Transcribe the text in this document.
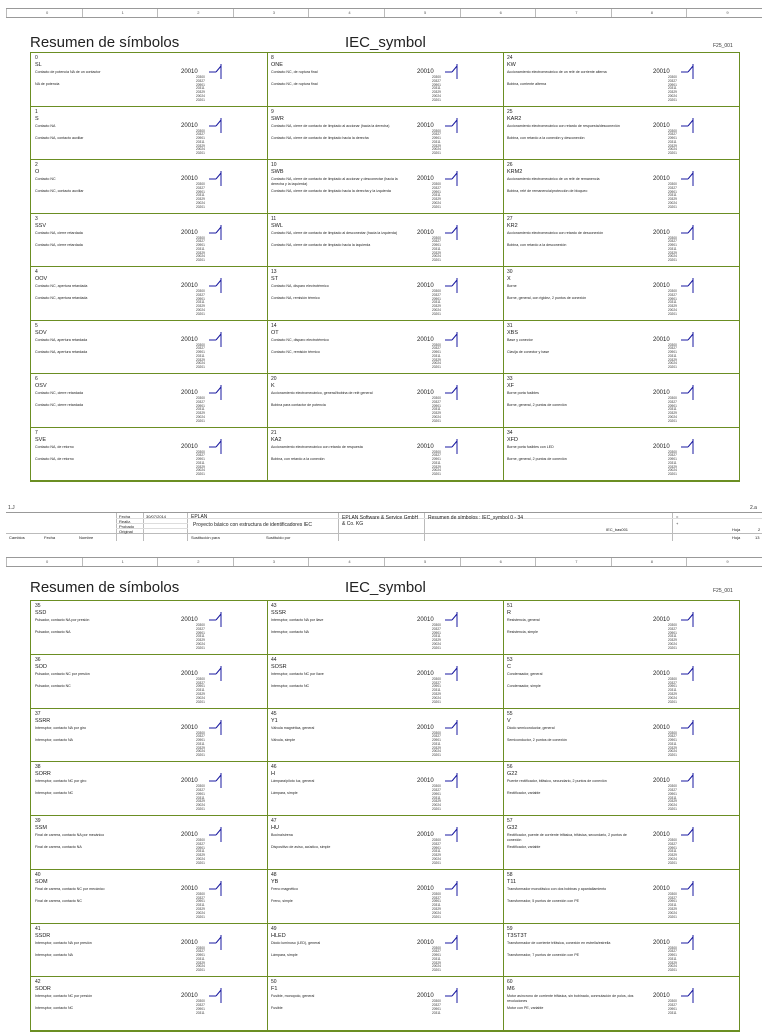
0	1	2	3	4	5	6	7	8	9
Resumen de símbolos	IEC_symbol	F25_001
0
SL
Contacto de potencia NA de un contactor
NA de potencia
20010
20300
20327
20901
20311
20329
20024
20201
1
S
Contacto NA
Contacto NA, contacto auxiliar
20010
20300
20327
20901
20311
20329
20024
20201
2
O
Contacto NC
Contacto NC, contacto auxiliar
20010
20300
20327
20901
20311
20329
20024
20201
3
SSV
Contacto NA, cierre retardada
Contacto NA, cierre retardada
20010
20300
20327
20901
20311
20329
20024
20201
4
OOV
Contacto NC, apertura retardada
Contacto NC, apertura retardada
20010
20300
20327
20901
20311
20329
20024
20201
5
SOV
Contacto NA, apertura retardada
Contacto NA, apertura retardada
20010
20300
20327
20901
20311
20329
20024
20201
6
OSV
Contacto NC, cierre retardada
Contacto NC, cierre retardada
20010
20300
20327
20901
20311
20329
20024
20201
7
SVE
Contacto NA, de retorno
Contacto NA, de retorno
20010
20300
20327
20901
20311
20329
20024
20201
8
ONE
Contacto NC, de ruptura final
Contacto NC, de ruptura final
20010
20300
20327
20901
20311
20329
20024
20201
9
SWR
Contacto NA, cierre de contacto de limpiado al accionar (hacia la derecha)
Contacto NA, cierre de contacto de limpiado hacia la derecha
20010
20300
20327
20901
20311
20329
20024
20201
10
SWB
Contacto NA, cierre de contacto de limpiado al accionar y desconectar (hacia la derecha y la izquierda)
Contacto NA, cierre de contacto de limpiado hacia la derecha y la izquierda
20010
20300
20327
20901
20311
20329
20024
20201
11
SWL
Contacto NA, cierre de contacto de limpiado al desconectar (hacia la izquierda)
Contacto NA, cierre de contacto de limpiado hacia la izquierda
20010
20300
20327
20901
20311
20329
20024
20201
13
ST
Contacto NA, disparo electrotérmico
Contacto NA, remisión térmico
20010
20300
20327
20901
20311
20329
20024
20201
14
OT
Contacto NC, disparo electrotérmico
Contacto NC, remisión térmico
20010
20300
20327
20901
20311
20329
20024
20201
20
K
Accionamiento electromecánico, general/bobina de relé general
Bobina para contactor de potencia
20010
20300
20327
20901
20311
20329
20024
20201
21
KA2
Accionamiento electromecánico con retardo de respuesta
Bobina, con retardo a la conexión
20010
20300
20327
20901
20311
20329
20024
20201
24
KW
Accionamiento electromecánico de un relé de corriente alterna
Bobina, corriente alterna
20010
20300
20327
20901
20311
20329
20024
20201
25
KAR2
Accionamiento electromecánico con retardo de respuesta/desconexión
Bobina, con retardo a la conexión y desconexión
20010
20300
20327
20901
20311
20329
20024
20201
26
KRM2
Accionamiento electromecánico de un relé de remanencia
Bobina, relé de remanencia/protección de bloqueo
20010
20300
20327
20901
20311
20329
20024
20201
27
KR2
Accionamiento electromecánico con retardo de desconexión
Bobina, con retardo a la desconexión
20010
20300
20327
20901
20311
20329
20024
20201
30
X
Borne
Borne, general, con rigidez, 2 puntos de conexión
20010
20300
20327
20901
20311
20329
20024
20201
31
XBS
Base y conector
Clavija de conector y base
20010
20300
20327
20901
20311
20329
20024
20201
33
XF
Borne porta fusibles
Borne, general, 2 puntos de conexión
20010
20300
20327
20901
20311
20329
20024
20201
34
XFD
Borne porta fusibles con LED
Borne, general, 2 puntos de conexión
20010
20300
20327
20901
20311
20329
20024
20201
1.J	2.a
Fecha	30/07/2014
Realiz.
Probado
Original
EPLAN
Proyecto básico con estructura de identificadores IEC
EPLAN Software & Service GmbH & Co. KG
Resumen de símbolos : IEC_symbol 0 - 34	=
+
IEC_bas001	Hoja	2
Hoja	13
Cambios	Fecha	Nombre	Sustitución para	Sustituido por
0	1	2	3	4	5	6	7	8	9
Resumen de símbolos	IEC_symbol	F25_001
35
SSD
Pulsador, contacto NA por presión
Pulsador, contacto NA
20010
20300
20327
20901
20311
20329
20024
20201
36
SOD
Pulsador, contacto NC por presión
Pulsador, contacto NC
20010
20300
20327
20901
20311
20329
20024
20201
37
SSRR
Interruptor, contacto NA por giro
Interruptor, contacto NA
20010
20300
20327
20901
20311
20329
20024
20201
38
SORR
Interruptor, contacto NC por giro
Interruptor, contacto NC
20010
20300
20327
20901
20311
20329
20024
20201
39
SSM
Final de carrera, contacto NA por mecánico
Final de carrera, contacto NA
20010
20300
20327
20901
20311
20329
20024
20201
40
SOM
Final de carrera, contacto NC por mecánico
Final de carrera, contacto NC
20010
20300
20327
20901
20311
20329
20024
20201
41
SSDR
Interruptor, contacto NA por presión
Interruptor, contacto NA
20010
20300
20327
20901
20311
20329
20024
20201
42
SODR
Interruptor, contacto NC por presión
Interruptor, contacto NC
20010
20300
20327
20901
20311
43
SSSR
Interruptor, contacto NA por llave
Interruptor, contacto NA
20010
20300
20327
20901
20311
20329
20024
20201
44
SOSR
Interruptor, contacto NC por llave
Interruptor, contacto NC
20010
20300
20327
20901
20311
20329
20024
20201
45
Y1
Válvula magnética, general
Válvula, simple
20010
20300
20327
20901
20311
20329
20024
20201
46
H
Lámpara/piloto luz, general
Lámpara, simple
20010
20300
20327
20901
20311
20329
20024
20201
47
HU
Bocina/sirena
Dispositivo de aviso, acústico, simple
20010
20300
20327
20901
20311
20329
20024
20201
48
YB
Freno magnético
Freno, simple
20010
20300
20327
20901
20311
20329
20024
20201
49
HLED
Diodo luminoso (LED), general
Lámpara, simple
20010
20300
20327
20901
20311
20329
20024
20201
50
F1
Fusible, monopolo, general
Fusible
20010
20300
20327
20901
20311
51
R
Resistencia, general
Resistencia, simple
20010
20300
20327
20901
20311
20329
20024
20201
53
C
Condensador, general
Condensador, simple
20010
20300
20327
20901
20311
20329
20024
20201
55
V
Diodo semiconductor, general
Semiconductor, 2 puntos de conexión
20010
20300
20327
20901
20311
20329
20024
20201
56
G22
Puente rectificador, bifásico, secundario, 2 puntos de conexión
Rectificador, variable
20010
20300
20327
20901
20311
20329
20024
20201
57
G32
Rectificador, puente de corriente trifásica, trifásica, secundario, 2 puntos de conexión
Rectificador, variable
20010
20300
20327
20901
20311
20329
20024
20201
58
T11
Transformador monofásico con dos bobinas y apantallamiento
Transformador, 5 puntos de conexión con PE
20010
20300
20327
20901
20311
20329
20024
20201
59
T3ST3T
Transformador de corriente trifásica, conexión en estrella/estrella
Transformador, 7 puntos de conexión con PE
20010
20300
20327
20901
20311
20329
20024
20201
60
M6
Motor asíncrono de corriente trifásica, sin bobinado, conmutación de polos, dos revoluciones
Motor con PE, variable
20010
20300
20327
20901
20311
